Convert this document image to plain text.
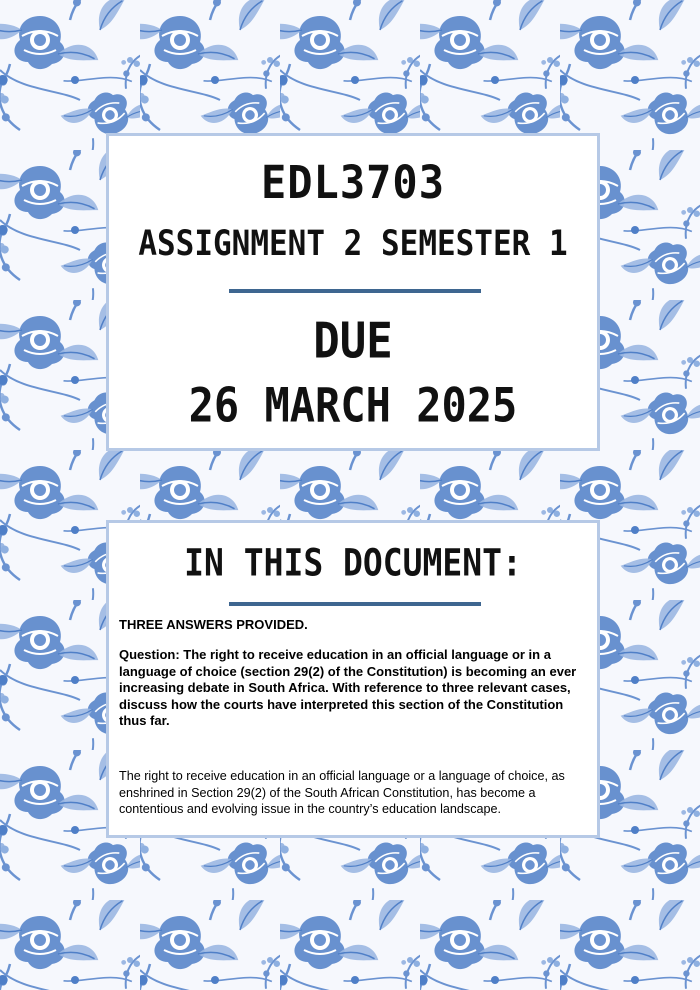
EDL3703
ASSIGNMENT 2 SEMESTER 1
DUE
26 MARCH 2025
IN THIS DOCUMENT:

THREE ANSWERS PROVIDED.

Question: The right to receive education in an official language or in a language of choice (section 29(2) of the Constitution) is becoming an ever increasing debate in South Africa. With reference to three relevant cases, discuss how the courts have interpreted this section of the Constitution thus far.

The right to receive education in an official language or a language of choice, as enshrined in Section 29(2) of the South African Constitution, has become a contentious and evolving issue in the country’s education landscape.
